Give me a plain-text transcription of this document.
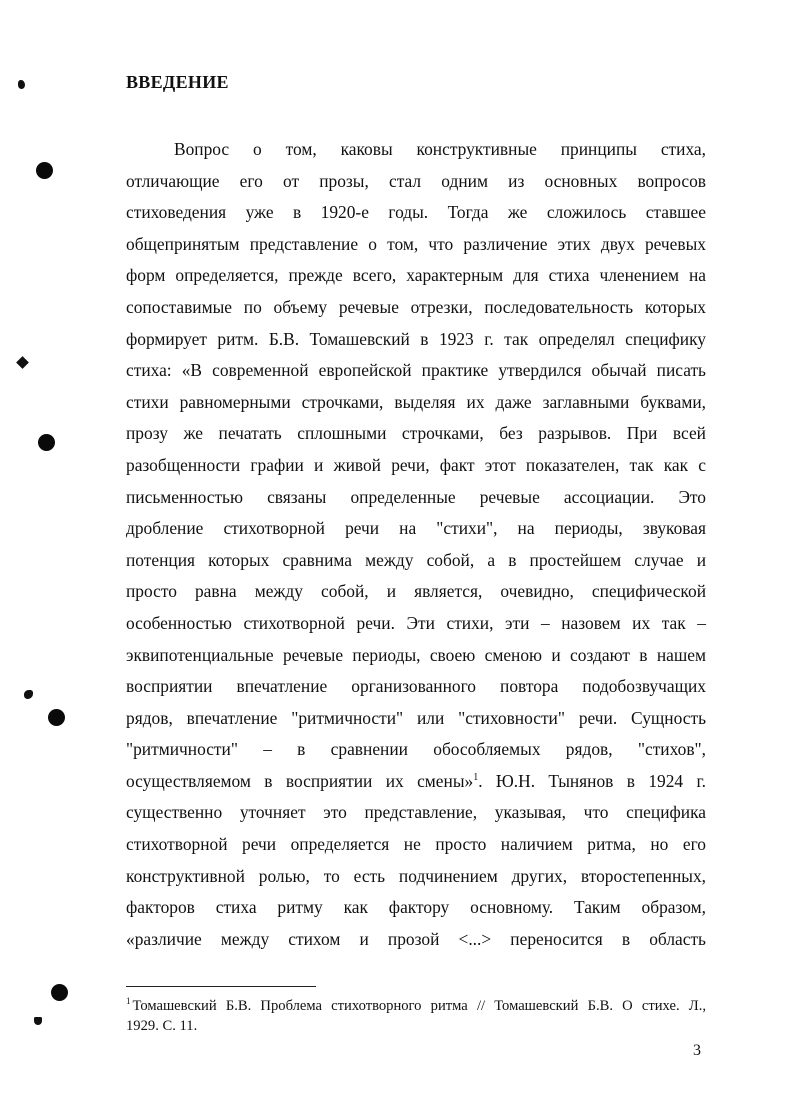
ВВЕДЕНИЕ
Вопрос о том, каковы конструктивные принципы стиха,
отличающие его от прозы, стал одним из основных вопросов
стиховедения уже в 1920-е годы. Тогда же сложилось ставшее
общепринятым представление о том, что различение этих двух речевых
форм определяется, прежде всего, характерным для стиха членением на
сопоставимые по объему речевые отрезки, последовательность которых
формирует ритм. Б.В. Томашевский в 1923 г. так определял специфику
стиха: «В современной европейской практике утвердился обычай писать
стихи равномерными строчками, выделяя их даже заглавными буквами,
прозу же печатать сплошными строчками, без разрывов. При всей
разобщенности графии и живой речи, факт этот показателен, так как с
письменностью связаны определенные речевые ассоциации. Это
дробление стихотворной речи на "стихи", на периоды, звуковая
потенция которых сравнима между собой, а в простейшем случае и
просто равна между собой, и является, очевидно, специфической
особенностью стихотворной речи. Эти стихи, эти – назовем их так –
эквипотенциальные речевые периоды, своею сменою и создают в нашем
восприятии впечатление организованного повтора подобозвучащих
рядов, впечатление "ритмичности" или "стиховности" речи. Сущность
"ритмичности" – в сравнении обособляемых рядов, "стихов",
осуществляемом в восприятии их смены»$^1$. Ю.Н. Тынянов в 1924 г.
существенно уточняет это представление, указывая, что специфика
стихотворной речи определяется не просто наличием ритма, но его
конструктивной ролью, то есть подчинением других, второстепенных,
факторов стиха ритму как фактору основному. Таким образом,
«различие между стихом и прозой <...> переносится в область
$^1$ Томашевский Б.В. Проблема стихотворного ритма // Томашевский Б.В. О стихе. Л.,
1929. С. 11.
3
